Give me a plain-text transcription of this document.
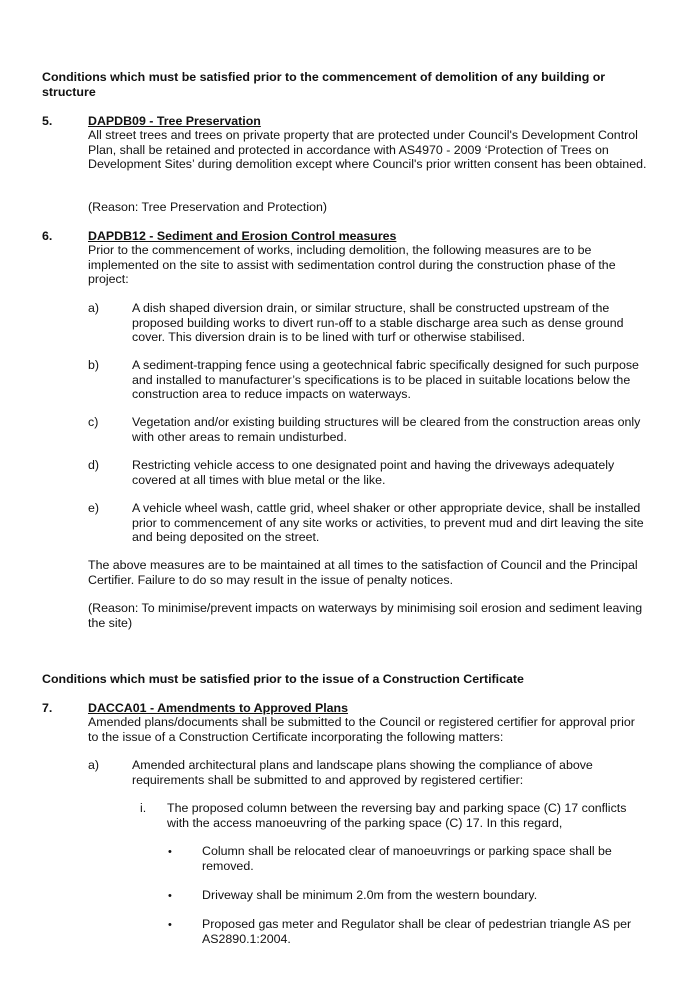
Conditions which must be satisfied prior to the commencement of demolition of any building or structure
5.	DAPDB09 - Tree Preservation
All street trees and trees on private property that are protected under Council's Development Control Plan, shall be retained and protected in accordance with AS4970 - 2009 ‘Protection of Trees on Development Sites’ during demolition except where Council's prior written consent has been obtained.
(Reason: Tree Preservation and Protection)
6.	DAPDB12 - Sediment and Erosion Control measures
Prior to the commencement of works, including demolition, the following measures are to be implemented on the site to assist with sedimentation control during the construction phase of the project:
a)	A dish shaped diversion drain, or similar structure, shall be constructed upstream of the proposed building works to divert run-off to a stable discharge area such as dense ground cover. This diversion drain is to be lined with turf or otherwise stabilised.
b)	A sediment-trapping fence using a geotechnical fabric specifically designed for such purpose and installed to manufacturer’s specifications is to be placed in suitable locations below the construction area to reduce impacts on waterways.
c)	Vegetation and/or existing building structures will be cleared from the construction areas only with other areas to remain undisturbed.
d)	Restricting vehicle access to one designated point and having the driveways adequately covered at all times with blue metal or the like.
e)	A vehicle wheel wash, cattle grid, wheel shaker or other appropriate device, shall be installed prior to commencement of any site works or activities, to prevent mud and dirt leaving the site and being deposited on the street.
The above measures are to be maintained at all times to the satisfaction of Council and the Principal Certifier. Failure to do so may result in the issue of penalty notices.
(Reason: To minimise/prevent impacts on waterways by minimising soil erosion and sediment leaving the site)
Conditions which must be satisfied prior to the issue of a Construction Certificate
7.	DACCA01 - Amendments to Approved Plans
Amended plans/documents shall be submitted to the Council or registered certifier for approval prior to the issue of a Construction Certificate incorporating the following matters:
a)	Amended architectural plans and landscape plans showing the compliance of above requirements shall be submitted to and approved by registered certifier:
i. The proposed column between the reversing bay and parking space (C) 17 conflicts with the access manoeuvring of the parking space (C) 17. In this regard,
• Column shall be relocated clear of manoeuvrings or parking space shall be removed.
• Driveway shall be minimum 2.0m from the western boundary.
• Proposed gas meter and Regulator shall be clear of pedestrian triangle AS per AS2890.1:2004.
